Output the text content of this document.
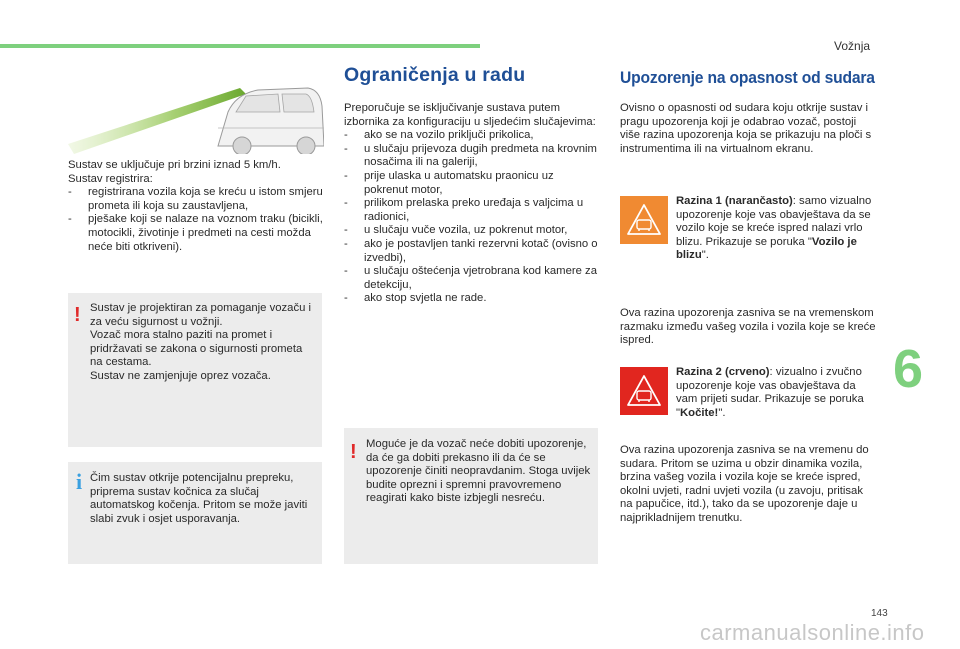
Vožnja

Sustav se uključuje pri brzini iznad 5 km/h.

Sustav registrira:

- registrirana vozila koja se kreću u istom smjeru prometa ili koja su zaustavljena,
- pješake koji se nalaze na voznom traku (bicikli, motocikli, životinje i predmeti na cesti možda neće biti otkriveni).
! Sustav je projektiran za pomaganje vozaču i za veću sigurnost u vožnji.

Vozač mora stalno paziti na promet i pridržavati se zakona o sigurnosti prometa na cestama.

Sustav ne zamjenjuje oprez vozača.

i Čim sustav otkrije potencijalnu prepreku, priprema sustav kočnica za slučaj automatskog kočenja. Pritom se može javiti slabi zvuk i osjet usporavanja.

Ograničenja u radu

Preporučuje se isključivanje sustava putem izbornika za konfiguraciju u sljedećim slučajevima:

- ako se na vozilo priključi prikolica,
- u slučaju prijevoza dugih predmeta na krovnim nosačima ili na galeriji,
- prije ulaska u automatsku praonicu uz pokrenut motor,
- prilikom prelaska preko uređaja s valjcima u radionici,
- u slučaju vuče vozila, uz pokrenut motor,
- ako je postavljen tanki rezervni kotač (ovisno o izvedbi),
- u slučaju oštećenja vjetrobrana kod kamere za detekciju,
- ako stop svjetla ne rade.
! Moguće je da vozač neće dobiti upozorenje, da će ga dobiti prekasno ili da će se upozorenje činiti neopravdanim. Stoga uvijek budite oprezni i spremni pravovremeno reagirati kako biste izbjegli nesreću.

Upozorenje na opasnost od sudara

Ovisno o opasnosti od sudara koju otkrije sustav i pragu upozorenja koji je odabrao vozač, postoji više razina upozorenja koja se prikazuju na ploči s instrumentima ili na virtualnom ekranu.

Razina 1 (narančasto): samo vizualno upozorenje koje vas obavještava da se vozilo koje se kreće ispred nalazi vrlo blizu. Prikazuje se poruka "Vozilo je blizu".

Ova razina upozorenja zasniva se na vremenskom razmaku između vašeg vozila i vozila koje se kreće ispred.

Razina 2 (crveno): vizualno i zvučno upozorenje koje vas obavještava da vam prijeti sudar. Prikazuje se poruka "Kočite!".

Ova razina upozorenja zasniva se na vremenu do sudara. Pritom se uzima u obzir dinamika vozila, brzina vašeg vozila i vozila koje se kreće ispred, okolni uvjeti, radni uvjeti vozila (u zavoju, pritisak na papučice, itd.), tako da se upozorenje daje u najprikladnijem trenutku.

6
143
carmanualsonline.info
